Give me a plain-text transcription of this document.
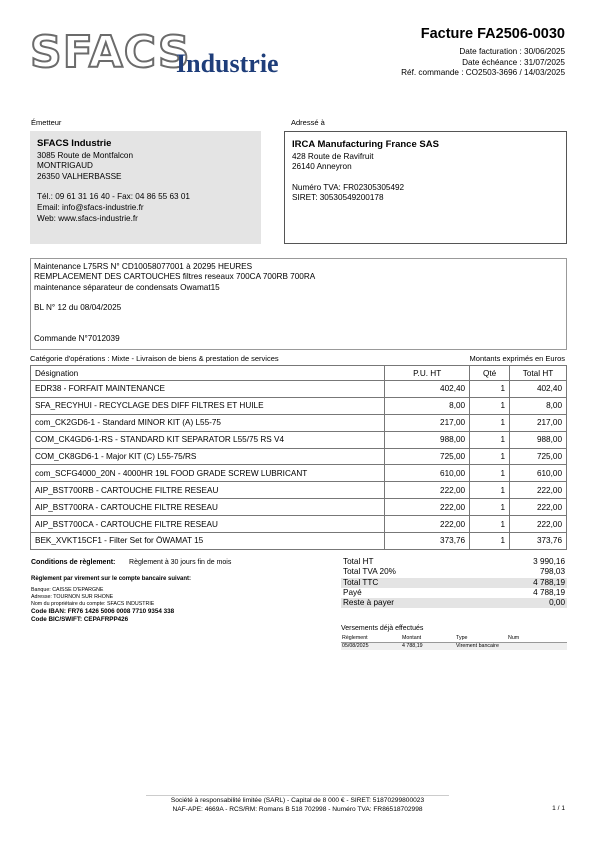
SFACS
Industrie
Facture FA2506-0030
Date facturation : 30/06/2025
Date échéance : 31/07/2025
Réf. commande : CO2503-3696 / 14/03/2025
Émetteur
SFACS Industrie
3085 Route de Montfalcon
MONTRIGAUD
26350 VALHERBASSE
Tél.: 09 61 31 16 40 - Fax: 04 86 55 63 01
Email: info@sfacs-industrie.fr
Web: www.sfacs-industrie.fr
Adressé à
IRCA Manufacturing France SAS
428 Route de Ravifruit
26140 Anneyron
Numéro TVA: FR02305305492
SIRET: 30530549200178
Maintenance L75RS N° CD10058077001 à 20295 HEURES
REMPLACEMENT DES CARTOUCHES filtres reseaux 700CA 700RB 700RA
maintenance séparateur de condensats Owamat15
BL N° 12 du 08/04/2025
Commande N°7012039
Catégorie d'opérations : Mixte - Livraison de biens & prestation de services	Montants exprimés en Euros
Désignation	P.U. HT	Qté	Total HT
EDR38 - FORFAIT MAINTENANCE	402,40	1	402,40
SFA_RECYHUI - RECYCLAGE DES DIFF FILTRES ET HUILE	8,00	1	8,00
com_CK2GD6-1 - Standard MINOR KIT (A) L55-75	217,00	1	217,00
COM_CK4GD6-1-RS - STANDARD KIT SEPARATOR L55/75 RS V4	988,00	1	988,00
COM_CK8GD6-1 - Major KIT (C) L55-75/RS	725,00	1	725,00
com_SCFG4000_20N - 4000HR 19L FOOD GRADE SCREW LUBRICANT	610,00	1	610,00
AIP_BST700RB - CARTOUCHE FILTRE RESEAU	222,00	1	222,00
AIP_BST700RA - CARTOUCHE FILTRE RESEAU	222,00	1	222,00
AIP_BST700CA - CARTOUCHE FILTRE RESEAU	222,00	1	222,00
BEK_XVKT15CF1 - Filter Set for ÖWAMAT 15	373,76	1	373,76
Conditions de règlement: Règlement à 30 jours fin de mois
Règlement par virement sur le compte bancaire suivant:
Banque: CAISSE D'EPARGNE
Adresse: TOURNON SUR RHONE
Nom du propriétaire du compte: SFACS INDUSTRIE
Code IBAN: FR76 1426 5006 0008 7710 9354 338
Code BIC/SWIFT: CEPAFRPP426
Total HT	3 990,16
Total TVA 20%	798,03
Total TTC	4 788,19
Payé	4 788,19
Reste à payer	0,00
Versements déjà effectués
Règlement	Montant	Type	Num
05/08/2025	4 788,19	Virement bancaire	
Société à responsabilité limitée (SARL) - Capital de 8 000 € - SIRET: 51870299800023
NAF-APE: 4669A - RCS/RM: Romans B 518 702998 - Numéro TVA: FR86518702998	1 / 1
